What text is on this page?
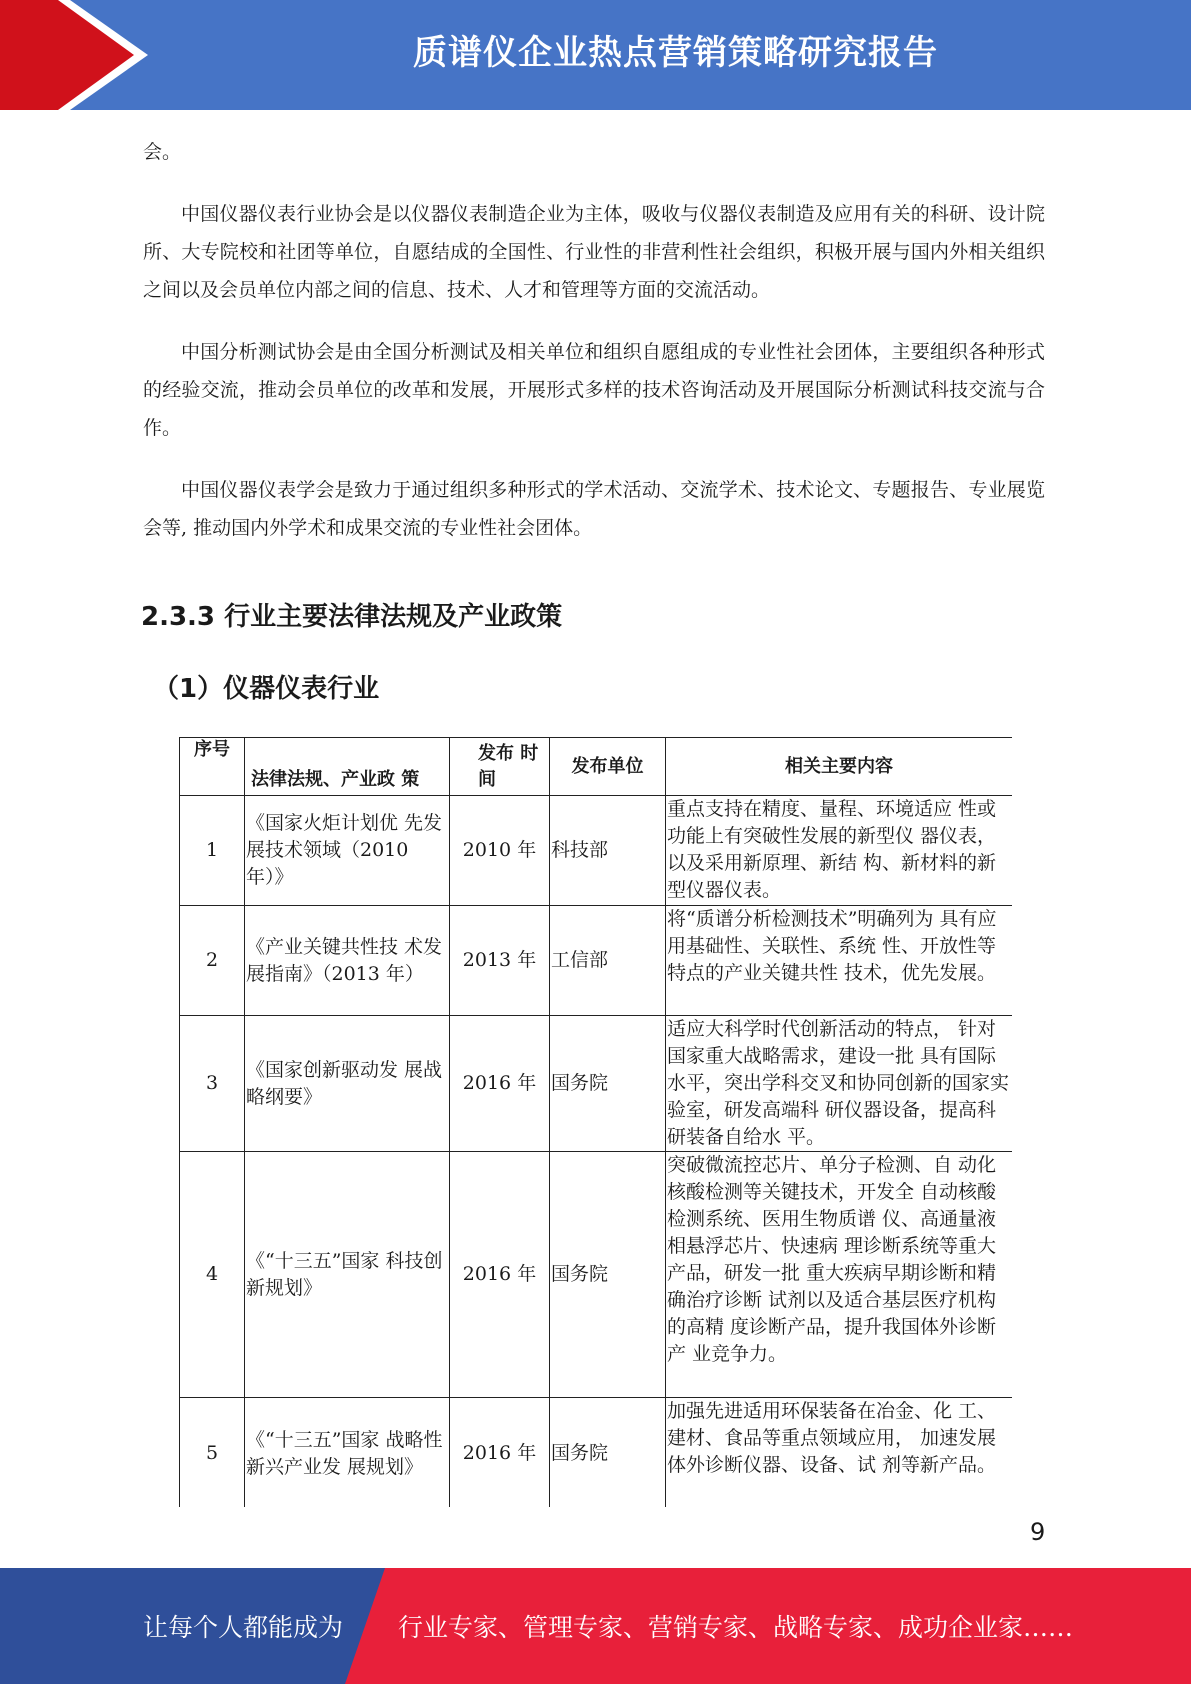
质谱仪企业热点营销策略研究报告

会。

中国仪器仪表行业协会是以仪器仪表制造企业为主体，吸收与仪器仪表制造及应用有关的科研、设计院所、大专院校和社团等单位，自愿结成的全国性、行业性的非营利性社会组织，积极开展与国内外相关组织之间以及会员单位内部之间的信息、技术、人才和管理等方面的交流活动。

中国分析测试协会是由全国分析测试及相关单位和组织自愿组成的专业性社会团体，主要组织各种形式的经验交流，推动会员单位的改革和发展，开展形式多样的技术咨询活动及开展国际分析测试科技交流与合作。

中国仪器仪表学会是致力于通过组织多种形式的学术活动、交流学术、技术论文、专题报告、专业展览会等, 推动国内外学术和成果交流的专业性社会团体。

2.3.3 行业主要法律法规及产业政策
（1）仪器仪表行业
序号	法律法规、产业政 策	发布 时间	发布单位	相关主要内容
1	《国家火炬计划优 先发展技术领域（2010 年）》	2010 年	科技部	重点支持在精度、量程、环境适应 性或功能上有突破性发展的新型仪 器仪表，以及采用新原理、新结 构、新材料的新型仪器仪表。
2	《产业关键共性技 术发展指南》（2013 年）	2013 年	工信部	将“质谱分析检测技术”明确列为 具有应用基础性、关联性、系统 性、开放性等特点的产业关键共性 技术，优先发展。
3	《国家创新驱动发 展战略纲要》	2016 年	国务院	适应大科学时代创新活动的特点， 针对国家重大战略需求，建设一批 具有国际水平，突出学科交叉和协同创新的国家实验室，研发高端科 研仪器设备，提高科研装备自给水 平。
4	《“十三五”国家 科技创新规划》	2016 年	国务院	突破微流控芯片、单分子检测、自 动化核酸检测等关键技术，开发全 自动核酸检测系统、医用生物质谱 仪、高通量液相悬浮芯片、快速病 理诊断系统等重大产品，研发一批 重大疾病早期诊断和精确治疗诊断 试剂以及适合基层医疗机构的高精 度诊断产品，提升我国体外诊断产 业竞争力。
5	《“十三五”国家 战略性新兴产业发 展规划》	2016 年	国务院	加强先进适用环保装备在冶金、化 工、建材、食品等重点领域应用， 加速发展体外诊断仪器、设备、试 剂等新产品。
9
让每个人都能成为 行业专家、管理专家、营销专家、战略专家、成功企业家……
